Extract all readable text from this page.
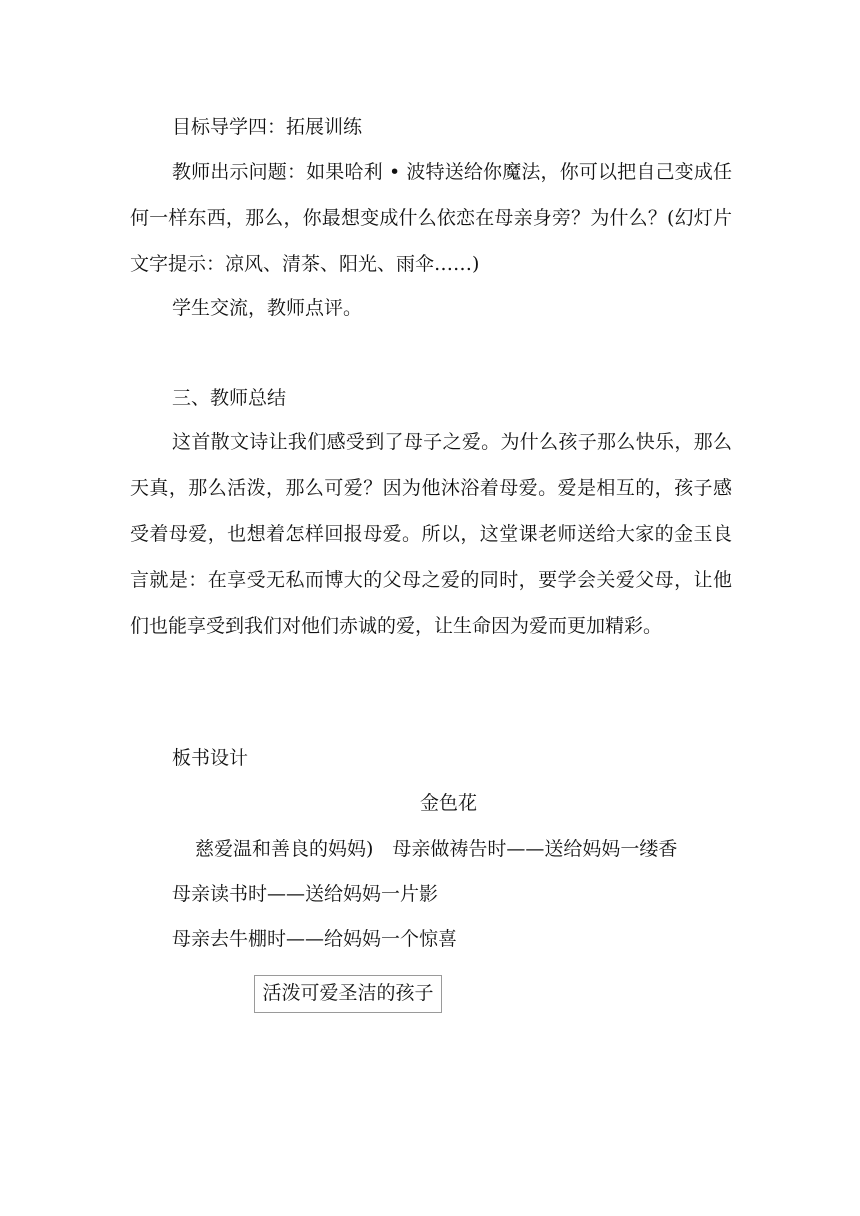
目标导学四：拓展训练
教师出示问题：如果哈利 • 波特送给你魔法，你可以把自己变成任何一样东西，那么，你最想变成什么依恋在母亲身旁？为什么？(幻灯片文字提示：凉风、清茶、阳光、雨伞……)
学生交流，教师点评。
三、教师总结
这首散文诗让我们感受到了母子之爱。为什么孩子那么快乐，那么天真，那么活泼，那么可爱？因为他沐浴着母爱。爱是相互的，孩子感受着母爱，也想着怎样回报母爱。所以，这堂课老师送给大家的金玉良言就是：在享受无私而博大的父母之爱的同时，要学会关爱父母，让他们也能享受到我们对他们赤诚的爱，让生命因为爱而更加精彩。
板书设计
金色花
慈爱温和善良的妈妈)　母亲做祷告时——送给妈妈一缕香
母亲读书时——送给妈妈一片影
母亲去牛棚时——给妈妈一个惊喜
活泼可爱圣洁的孩子
